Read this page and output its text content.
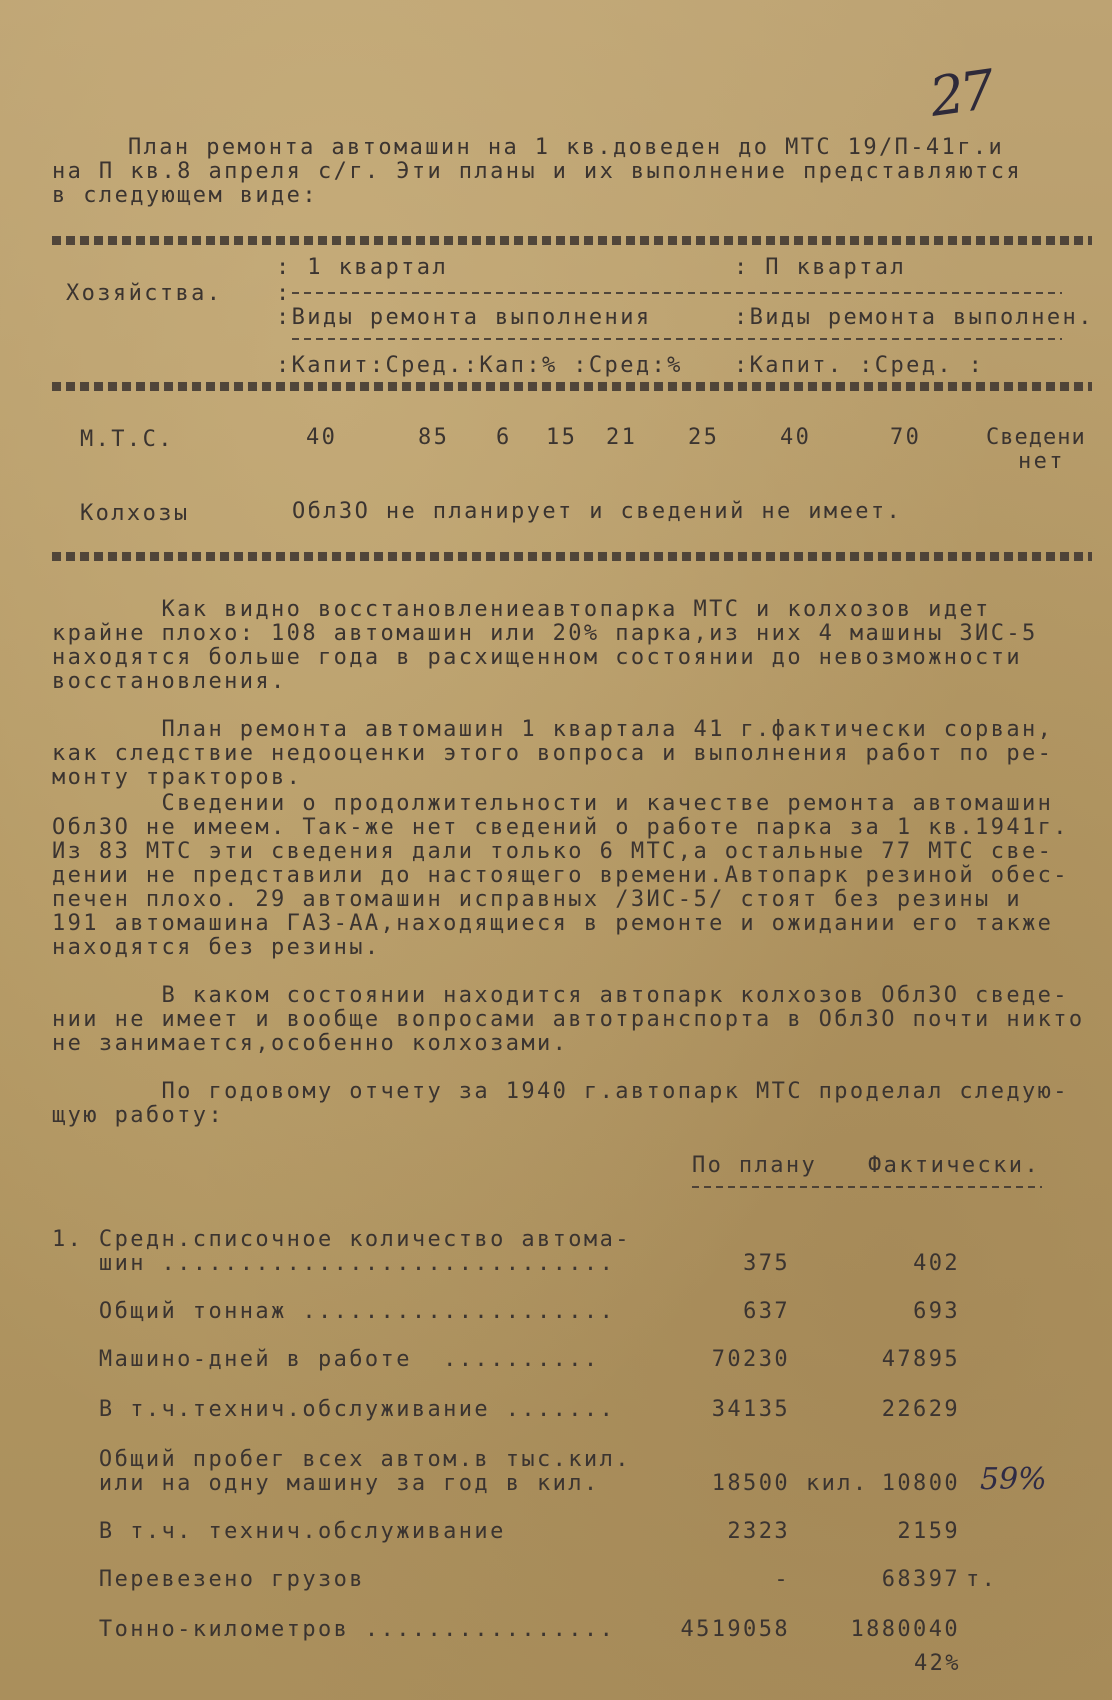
27
План ремонта автомашин на 1 кв.доведен до МТС 19/П-41г.и
на П кв.8 апреля с/г. Эти планы и их выполнение представляются
в следующем виде:
Хозяйства.
: 1 квартал	: П квартал
:
:Виды ремонта выполнения	:Виды ремонта выполнен.
:Капит:Сред.:Кап:% :Сред:% :Капит. :Сред. :
М.Т.С.	40	85 6 15 21 25	40	70	Сведени
нет
Колхозы	ОблЗО не планирует и сведений не имеет.
Как видно восстановлениеавтопарка МТС и колхозов идет
крайне плохо: 108 автомашин или 20% парка,из них 4 машины ЗИС-5
находятся больше года в расхищенном состоянии до невозможности
восстановления.
План ремонта автомашин 1 квартала 41 г.фактически сорван,
как следствие недооценки этого вопроса и выполнения работ по ре-
монту тракторов.
Сведении о продолжительности и качестве ремонта автомашин
ОблЗО не имеем. Так-же нет сведений о работе парка за 1 кв.1941г.
Из 83 МТС эти сведения дали только 6 МТС,а остальные 77 МТС све-
дении не представили до настоящего времени.Автопарк резиной обес-
печен плохо. 29 автомашин исправных /ЗИС-5/ стоят без резины и
191 автомашина ГАЗ-АА,находящиеся в ремонте и ожидании его также
находятся без резины.
В каком состоянии находится автопарк колхозов ОблЗО сведе-
нии не имеет и вообще вопросами автотранспорта в ОблЗО почти никто
не занимается,особенно колхозами.
По годовому отчету за 1940 г.автопарк МТС проделал следую-
щую работу:
По плану Фактически.
1. Средн.списочное количество автома-
шин .............................	375	402
Общий тоннаж ....................	637	693
Машино-дней в работе  ..........	70230	47895
В т.ч.технич.обслуживание .......	34135	22629
Общий пробег всех автом.в тыс.кил.
или на одну машину за год в кил.	18500 кил. 10800 59%
В т.ч. технич.обслуживание	2323	2159
Перевезено грузов	-	68397 т.
Тонно-километров ................	4519058	1880040
42%
